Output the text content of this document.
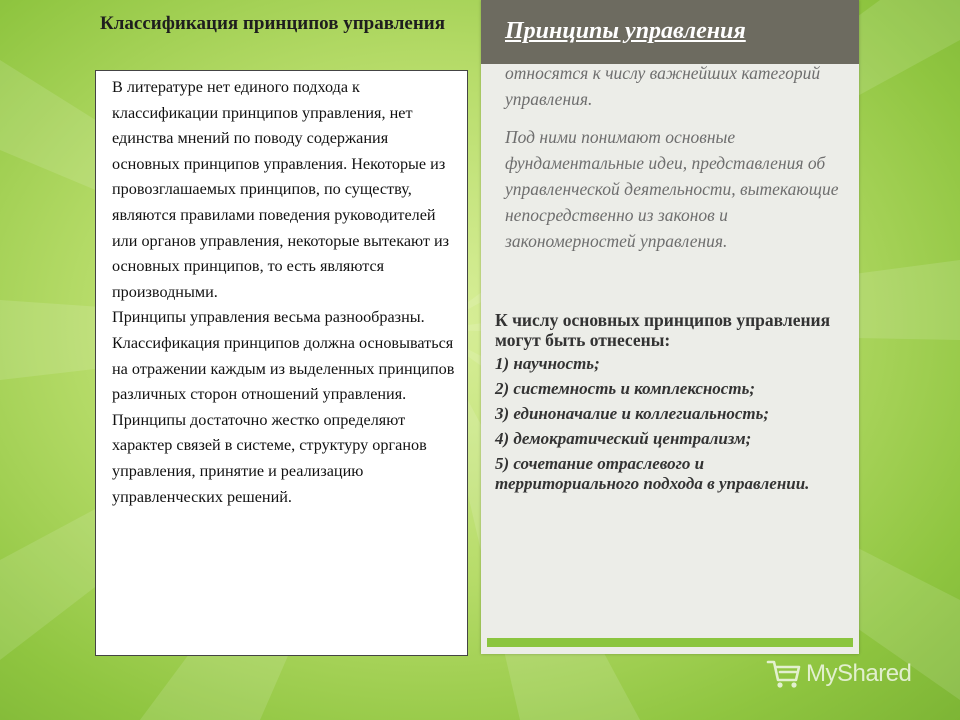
Классификация принципов управления

В литературе нет единого подхода к классификации принципов управления, нет единства мнений по поводу содержания основных принципов управления. Некоторые из провозглашаемых принципов, по существу, являются правилами поведения руководителей или органов управления, некоторые вытекают из основных принципов, то есть являются производными.

Принципы управления весьма разнообразны. Классификация принципов должна основываться на отражении каждым из выделенных принципов различных сторон отношений управления. Принципы достаточно жестко определяют характер связей в системе, структуру органов управления, принятие и реализацию управленческих решений.

Принципы управления
относятся к числу важнейших категорий управления.
Под ними понимают основные фундаментальные идеи, представления об управленческой деятельности, вытекающие непосредственно из законов и закономерностей управления.
К числу основных принципов управления могут быть отнесены:
1) научность;
2) системность и комплексность;
3) единоначалие и коллегиальность;
4) демократический централизм;
5) сочетание отраслевого и территориального подхода в управлении.
MyShared
